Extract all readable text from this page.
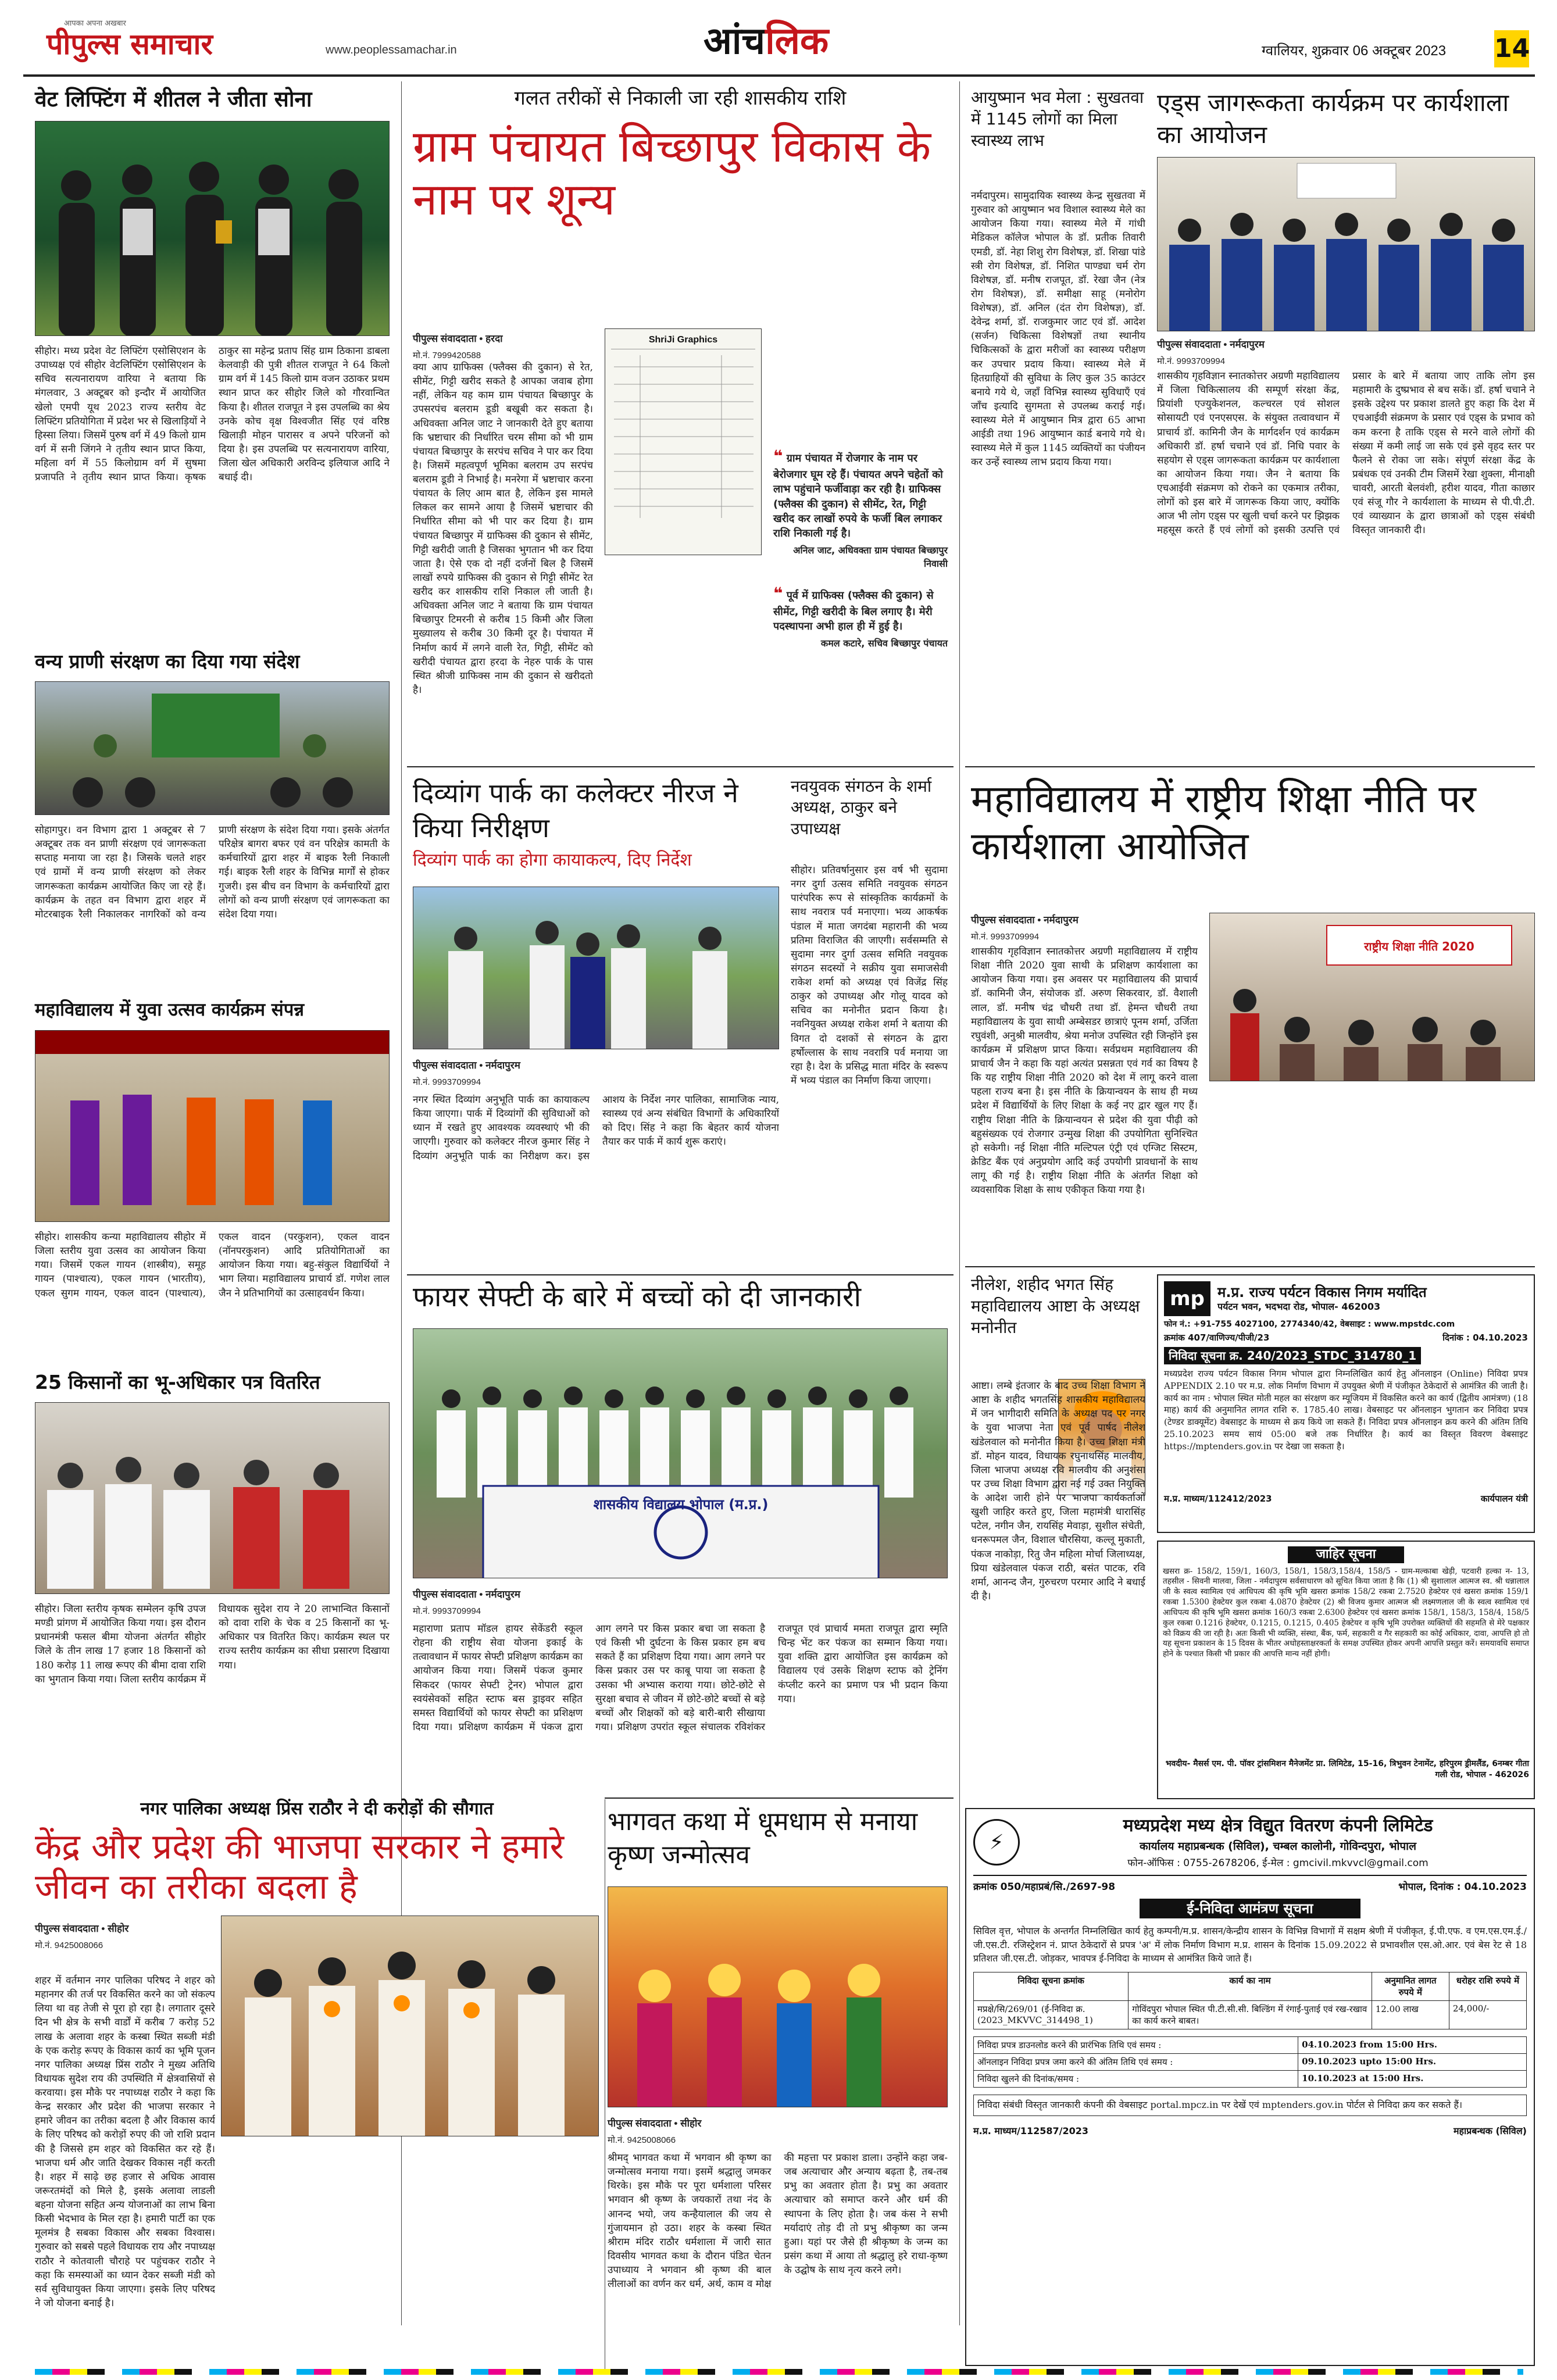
आपका अपना अखबार
पीपुल्स समाचार	www.peoplessamachar.in	आंचलिक	ग्वालियर, शुक्रवार 06 अक्टूबर 2023 14
वेट लिफ्टिंग में शीतल ने जीता सोना
सीहोर। मध्य प्रदेश वेट लिफ्टिंग एसोसिएशन के उपाध्यक्ष एवं सीहोर वेटलिफ्टिंग एसोसिएशन के सचिव सत्यनारायण वारिया ने बताया कि मंगलवार, 3 अक्टूबर को इन्दौर में आयोजित खेलो एमपी यूथ 2023 राज्य स्तरीय वेट लिफ्टिंग प्रतियोगिता में प्रदेश भर से खिलाड़ियों ने हिस्सा लिया। जिसमें पुरुष वर्ग में 49 किलो ग्राम वर्ग में सनी जिंगने ने तृतीय स्थान प्राप्त किया, महिला वर्ग में 55 किलोग्राम वर्ग में सुषमा प्रजापति ने तृतीय स्थान प्राप्त किया। कृषक ठाकुर सा महेन्द्र प्रताप सिंह ग्राम ठिकाना डाबला केलवाड़ी की पुत्री शीतल राजपूत ने 64 किलो ग्राम वर्ग में 145 किलो ग्राम वजन उठाकर प्रथम स्थान प्राप्त कर सीहोर जिले को गौरवान्वित किया है। शीतल राजपूत ने इस उपलब्धि का श्रेय उनके कोच वृक्ष विश्वजीत सिंह एवं वरिष्ठ खिलाड़ी मोहन पारासर व अपने परिजनों को दिया है। इस उपलब्धि पर सत्यनारायण वारिया, जिला खेल अधिकारी अरविन्द इलियाज आदि ने बधाई दी।
वन्य प्राणी संरक्षण का दिया गया संदेश
सोहागपुर। वन विभाग द्वारा 1 अक्टूबर से 7 अक्टूबर तक वन प्राणी संरक्षण एवं जागरूकता सप्ताह मनाया जा रहा है। जिसके चलते शहर एवं ग्रामों में वन्य प्राणी संरक्षण को लेकर जागरूकता कार्यक्रम आयोजित किए जा रहे हैं। कार्यक्रम के तहत वन विभाग द्वारा शहर में मोटरबाइक रैली निकालकर नागरिकों को वन्य प्राणी संरक्षण के संदेश दिया गया। इसके अंतर्गत परिक्षेत्र बागरा बफर एवं वन परिक्षेत्र कामती के कर्मचारियों द्वारा शहर में बाइक रैली निकाली गई। बाइक रैली शहर के विभिन्न मार्गों से होकर गुजरी। इस बीच वन विभाग के कर्मचारियों द्वारा लोगों को वन्य प्राणी संरक्षण एवं जागरूकता का संदेश दिया गया।
महाविद्यालय में युवा उत्सव कार्यक्रम संपन्न
सीहोर। शासकीय कन्या महाविद्यालय सीहोर में जिला स्तरीय युवा उत्सव का आयोजन किया गया। जिसमें एकल गायन (शास्त्रीय), समूह गायन (पाश्चात्य), एकल गायन (भारतीय), एकल सुगम गायन, एकल वादन (पाश्चात्य), एकल वादन (परकुशन), एकल वादन (नॉनपरकुशन) आदि प्रतियोगिताओं का आयोजन किया गया। बहु-संकुल विद्यार्थियों ने भाग लिया। महाविद्यालय प्राचार्य डॉ. गणेश लाल जैन ने प्रतिभागियों का उत्साहवर्धन किया।
25 किसानों का भू-अधिकार पत्र वितरित
सीहोर। जिला स्तरीय कृषक सम्मेलन कृषि उपज मण्डी प्रांगण में आयोजित किया गया। इस दौरान प्रधानमंत्री फसल बीमा योजना अंतर्गत सीहोर जिले के तीन लाख 17 हजार 18 किसानों को 180 करोड़ 11 लाख रूपए की बीमा दावा राशि का भुगतान किया गया। जिला स्तरीय कार्यक्रम में विधायक सुदेश राय ने 20 लाभान्वित किसानों को दावा राशि के चेक व 25 किसानों का भू-अधिकार पत्र वितरित किए। कार्यक्रम स्थल पर राज्य स्तरीय कार्यक्रम का सीधा प्रसारण दिखाया गया।
नगर पालिका अध्यक्ष प्रिंस राठौर ने दी करोड़ों की सौगात
केंद्र और प्रदेश की भाजपा सरकार ने हमारे जीवन का तरीका बदला है
पीपुल्स संवाददाता • सीहोर
मो.नं. 9425008066
शहर में वर्तमान नगर पालिका परिषद ने शहर को महानगर की तर्ज पर विकसित करने का जो संकल्प लिया था वह तेजी से पूरा हो रहा है। लगातार दूसरे दिन भी क्षेत्र के सभी वार्डों में करीब 7 करोड़ 52 लाख के अलावा शहर के कस्बा स्थित सब्जी मंडी के एक करोड़ रूपए के विकास कार्य का भूमि पूजन नगर पालिका अध्यक्ष प्रिंस राठौर ने मुख्य अतिथि विधायक सुदेश राय की उपस्थिति में क्षेत्रवासियों से करवाया। इस मौके पर नपाध्यक्ष राठौर ने कहा कि केन्द्र सरकार और प्रदेश की भाजपा सरकार ने हमारे जीवन का तरीका बदला है और विकास कार्य के लिए परिषद को करोड़ों रुपए की जो राशि प्रदान की है जिससे हम शहर को विकसित कर रहे हैं। भाजपा धर्म और जाति देखकर विकास नहीं करती है। शहर में साढ़े छह हजार से अधिक आवास जरूरतमंदों को मिले है, इसके अलावा लाडली बहना योजना सहित अन्य योजनाओं का लाभ बिना किसी भेदभाव के मिल रहा है। हमारी पार्टी का एक मूलमंत्र है सबका विकास और सबका विश्वास। गुरुवार को सबसे पहले विधायक राय और नपाध्यक्ष राठौर ने कोतवाली चौराहे पर पहुंचकर राठौर ने कहा कि समस्याओं का ध्यान देकर सब्जी मंडी को सर्व सुविधायुक्त किया जाएगा। इसके लिए परिषद ने जो योजना बनाई है।
गलत तरीकों से निकाली जा रही शासकीय राशि
ग्राम पंचायत बिच्छापुर विकास के नाम पर शून्य
पीपुल्स संवाददाता • हरदा
मो.नं. 7999420588
ShriJi Graphics
क्या आप ग्राफिक्स (फ्लैक्स की दुकान) से रेत, सीमेंट, गिट्टी खरीद सकते है आपका जवाब होगा नहीं, लेकिन यह काम ग्राम पंचायत बिच्छापुर के उपसरपंच बलराम डूडी बखूबी कर सकता है। अधिवक्ता अनिल जाट ने जानकारी देते हुए बताया कि भ्रष्टाचार की निर्धारित चरम सीमा को भी ग्राम पंचायत बिच्छापुर के सरपंच सचिव ने पार कर दिया है। जिसमें महत्वपूर्ण भूमिका बलराम उप सरपंच बलराम डूडी ने निभाई है। मनरेगा में भ्रष्टाचार करना पंचायत के लिए आम बात है, लेकिन इस मामले लिकल कर सामने आया है जिसमें भ्रष्टाचार की निर्धारित सीमा को भी पार कर दिया है। ग्राम पंचायत बिच्छापुर में ग्राफिक्स की दुकान से सीमेंट, गिट्टी खरीदी जाती है जिसका भुगतान भी कर दिया जाता है। ऐसे एक दो नहीं दर्जनों बिल है जिसमें लाखों रुपये ग्राफिक्स की दुकान से गिट्टी सीमेंट रेत खरीद कर शासकीय राशि निकाल ली जाती है। अधिवक्ता अनिल जाट ने बताया कि ग्राम पंचायत बिच्छापुर टिमरनी से करीब 15 किमी और जिला मुख्यालय से करीब 30 किमी दूर है। पंचायत में निर्माण कार्य में लगने वाली रेत, गिट्टी, सीमेंट को खरीदी पंचायत द्वारा हरदा के नेहरु पार्क के पास स्थित श्रीजी ग्राफिक्स नाम की दुकान से खरीदतो है।
❝ ग्राम पंचायत में रोजगार के नाम पर बेरोजगार घूम रहे हैं। पंचायत अपने चहेतों को लाभ पहुंचाने फर्जीवाड़ा कर रही है। ग्राफिक्स (फ्लैक्स की दुकान) से सीमेंट, रेत, गिट्टी खरीद कर लाखों रुपये के फर्जी बिल लगाकर राशि निकाली गई है।
अनिल जाट, अधिवक्ता ग्राम पंचायत बिच्छापुर निवासी
❝ पूर्व में ग्राफिक्स (फ्लैक्स की दुकान) से सीमेंट, गिट्टी खरीदी के बिल लगाए है। मेरी पदस्थापना अभी हाल ही में हुई है।
कमल कटारे, सचिव बिच्छापुर पंचायत
दिव्यांग पार्क का कलेक्टर नीरज ने किया निरीक्षण
दिव्यांग पार्क का होगा कायाकल्प, दिए निर्देश
पीपुल्स संवाददाता • नर्मदापुरम
मो.नं. 9993709994
नगर स्थित दिव्यांग अनुभूति पार्क का कायाकल्प किया जाएगा। पार्क में दिव्यांगों की सुविधाओं को ध्यान में रखते हुए आवश्यक व्यवस्थाएं भी की जाएगी। गुरुवार को कलेक्टर नीरज कुमार सिंह ने दिव्यांग अनुभूति पार्क का निरीक्षण कर। इस आशय के निर्देश नगर पालिका, सामाजिक न्याय, स्वास्थ्य एवं अन्य संबंधित विभागों के अधिकारियों को दिए। सिंह ने कहा कि बेहतर कार्य योजना तैयार कर पार्क में कार्य शुरू कराएं।
नवयुवक संगठन के शर्मा अध्यक्ष, ठाकुर बने उपाध्यक्ष
सीहोर। प्रतिवर्षानुसार इस वर्ष भी सुदामा नगर दुर्गा उत्सव समिति नवयुवक संगठन पारंपरिक रूप से सांस्कृतिक कार्यक्रमों के साथ नवरात्र पर्व मनाएगा। भव्य आकर्षक पंडाल में माता जगदंबा महारानी की भव्य प्रतिमा विराजित की जाएगी। सर्वसम्मति से सुदामा नगर दुर्गा उत्सव समिति नवयुवक संगठन सदस्यों ने सक्रीय युवा समाजसेवी राकेश शर्मा को अध्यक्ष एवं विजेंद्र सिंह ठाकुर को उपाध्यक्ष और गोलू यादव को सचिव का मनोनीत प्रदान किया है। नवनियुक्त अध्यक्ष राकेश शर्मा ने बताया की विगत दो दशकों से संगठन के द्वारा हर्षोल्लास के साथ नवरात्रि पर्व मनाया जा रहा है। देश के प्रसिद्ध माता मंदिर के स्वरूप में भव्य पंडाल का निर्माण किया जाएगा।
फायर सेफ्टी के बारे में बच्चों को दी जानकारी
शासकीय विद्यालय भोपाल (म.प्र.)
पीपुल्स संवाददाता • नर्मदापुरम
मो.नं. 9993709994
महाराणा प्रताप मॉडल हायर सेकेंडरी स्कूल रोहना की राष्ट्रीय सेवा योजना इकाई के तत्वावधान में फायर सेफ्टी प्रशिक्षण कार्यक्रम का आयोजन किया गया। जिसमें पंकज कुमार सिकदर (फायर सेफ्टी ट्रेनर) भोपाल द्वारा स्वयंसेवकों सहित स्टाफ बस ड्राइवर सहित समस्त विद्यार्थियों को फायर सेफ्टी का प्रशिक्षण दिया गया। प्रशिक्षण कार्यक्रम में पंकज द्वारा आग लगने पर किस प्रकार बचा जा सकता है एवं किसी भी दुर्घटना के किस प्रकार हम बच सकते हैं का प्रशिक्षण दिया गया। आग लगने पर किस प्रकार उस पर काबू पाया जा सकता है उसका भी अभ्यास कराया गया। छोटे-छोटे से सुरक्षा बचाव से जीवन में छोटे-छोटे बच्चों से बड़े बच्चों और शिक्षकों को बड़े बारी-बारी सीखाया गया। प्रशिक्षण उपरांत स्कूल संचालक रविशंकर राजपूत एवं प्राचार्य ममता राजपूत द्वारा स्मृति चिन्ह भेंट कर पंकज का सम्मान किया गया। युवा शक्ति द्वारा आयोजित इस कार्यक्रम को विद्यालय एवं उसके शिक्षण स्टाफ को ट्रेनिंग कंप्लीट करने का प्रमाण पत्र भी प्रदान किया गया।
भागवत कथा में धूमधाम से मनाया कृष्ण जन्मोत्सव
पीपुल्स संवाददाता • सीहोर
मो.नं. 9425008066
श्रीमद् भागवत कथा में भगवान श्री कृष्ण का जन्मोत्सव मनाया गया। इसमें श्रद्धालु जमकर थिरके। इस मौके पर पूरा धर्मशाला परिसर भगवान श्री कृष्ण के जयकारों तथा नंद के आनन्द भयो, जय कन्हैयालाल की जय से गुंजायमान हो उठा। शहर के कस्बा स्थित श्रीराम मंदिर राठौर धर्मशाला में जारी सात दिवसीय भागवत कथा के दौरान पंडित चेतन उपाध्याय ने भगवान श्री कृष्ण की बाल लीलाओं का वर्णन कर धर्म, अर्थ, काम व मोक्ष की महत्ता पर प्रकाश डाला। उन्होंने कहा जब-जब अत्याचार और अन्याय बढ़ता है, तब-तब प्रभु का अवतार होता है। प्रभु का अवतार अत्याचार को समाप्त करने और धर्म की स्थापना के लिए होता है। जब कंस ने सभी मर्यादाएं तोड़ दी तो प्रभु श्रीकृष्ण का जन्म हुआ। यहां पर जैसे ही श्रीकृष्ण के जन्म का प्रसंग कथा में आया तो श्रद्धालु हरे राधा-कृष्ण के उद्घोष के साथ नृत्य करने लगे।
आयुष्मान भव मेला : सुखतवा में 1145 लोगों का मिला स्वास्थ्य लाभ
नर्मदापुरम। सामुदायिक स्वास्थ्य केन्द्र सुखतवा में गुरुवार को आयुष्मान भव विशाल स्वास्थ्य मेले का आयोजन किया गया। स्वास्थ्य मेले में गांधी मेडिकल कॉलेज भोपाल के डॉ. प्रतीक तिवारी एमडी, डॉ. नेहा शिशु रोग विशेषज्ञ, डॉ. शिखा पांडे स्त्री रोग विशेषज्ञ, डॉ. निशित पाण्ड्या चर्म रोग विशेषज्ञ, डॉ. मनीष राजपूत, डॉ. रेखा जैन (नेत्र रोग विशेषज्ञ), डॉ. समीक्षा साहू (मनोरोग विशेषज्ञ), डॉ. अनिल (दंत रोग विशेषज्ञ), डॉ. देवेन्द्र शर्मा, डॉ. राजकुमार जाट एवं डॉ. आदेश (सर्जन) चिकित्सा विशेषज्ञों तथा स्थानीय चिकित्सकों के द्वारा मरीजों का स्वास्थ्य परीक्षण कर उपचार प्रदाय किया। स्वास्थ्य मेले में हितग्राहियों की सुविधा के लिए कुल 35 काउंटर बनाये गये थे, जहाँ विभिन्न स्वास्थ्य सुविधाएँ एवं जाँच इत्यादि सुगमता से उपलब्ध कराई गई। स्वास्थ्य मेले में आयुष्मान मित्र द्वारा 65 आभा आईडी तथा 196 आयुष्मान कार्ड बनाये गये थे। स्वास्थ्य मेले में कुल 1145 व्यक्तियों का पंजीयन कर उन्हें स्वास्थ्य लाभ प्रदाय किया गया।
एड्स जागरूकता कार्यक्रम पर कार्यशाला का आयोजन
पीपुल्स संवाददाता • नर्मदापुरम
मो.नं. 9993709994
शासकीय गृहविज्ञान स्नातकोत्तर अग्रणी महाविद्यालय में जिला चिकित्सालय की सम्पूर्ण संरक्षा केंद्र, प्रियांशी एज्युकेशनल, कल्चरल एवं सोशल सोसायटी एवं एनएसएस. के संयुक्त तत्वावधान में प्राचार्य डॉ. कामिनी जैन के मार्गदर्शन एवं कार्यक्रम अधिकारी डॉ. हर्षा चचाने एवं डॉ. निधि पवार के सहयोग से एड्स जागरूकता कार्यक्रम पर कार्यशाला का आयोजन किया गया। जैन ने बताया कि एचआईवी संक्रमण को रोकने का एकमात्र तरीका, लोगों को इस बारे में जागरूक किया जाए, क्योंकि आज भी लोग एड्स पर खुली चर्चा करने पर झिझक महसूस करते हैं एवं लोगों को इसकी उत्पत्ति एवं प्रसार के बारे में बताया जाए ताकि लोग इस महामारी के दुष्प्रभाव से बच सकें। डॉ. हर्षा चचाने ने इसके उद्देश्य पर प्रकाश डालते हुए कहा कि देश में एचआईवी संक्रमण के प्रसार एवं एड्स के प्रभाव को कम करना है ताकि एड्स से मरने वाले लोगों की संख्या में कमी लाई जा सके एवं इसे वृहद स्तर पर फैलने से रोका जा सके। संपूर्ण संरक्षा केंद्र के प्रबंधक एवं उनकी टीम जिसमें रेखा शुक्ला, मीनाक्षी चावरी, आरती बेलवंशी, हरीश यादव, गीता काछार एवं संजू गौर ने कार्यशाला के माध्यम से पी.पी.टी. एवं व्याख्यान के द्वारा छात्राओं को एड्स संबंधी विस्तृत जानकारी दी।
महाविद्यालय में राष्ट्रीय शिक्षा नीति पर कार्यशाला आयोजित
पीपुल्स संवाददाता • नर्मदापुरम
मो.नं. 9993709994
राष्ट्रीय शिक्षा नीति 2020
शासकीय गृहविज्ञान स्नातकोत्तर अग्रणी महाविद्यालय में राष्ट्रीय शिक्षा नीति 2020 युवा साथी के प्रशिक्षण कार्यशाला का आयोजन किया गया। इस अवसर पर महाविद्यालय की प्राचार्य डॉ. कामिनी जैन, संयोजक डॉ. अरुण सिकरवार, डॉ. वैशाली लाल, डॉ. मनीष चंद्र चौधरी तथा डॉ. हेमन्त चौधरी तथा महाविद्यालय के युवा साथी अम्बेसडर छात्राएं पूनम शर्मा, उर्जिता रघुवंशी, अनुश्री मालवीय, श्रेया मनोज उपस्थित रही जिन्होंने इस कार्यक्रम में प्रशिक्षण प्राप्त किया। सर्वप्रथम महाविद्यालय की प्राचार्य जैन ने कहा कि यहां अत्यंत प्रसन्नता एवं गर्व का विषय है कि यह राष्ट्रीय शिक्षा नीति 2020 को देश में लागू करने वाला पहला राज्य बना है। इस नीति के क्रियान्वयन के साथ ही मध्य प्रदेश में विद्यार्थियों के लिए शिक्षा के कई नए द्वार खुल गए हैं। राष्ट्रीय शिक्षा नीति के क्रियान्वयन से प्रदेश की युवा पीढ़ी को बहुसंख्यक एवं रोजगार उन्मुख शिक्षा की उपयोगिता सुनिश्चित हो सकेगी। नई शिक्षा नीति मल्टिपल एंट्री एवं एग्जिट सिस्टम, क्रेडिट बैंक एवं अनुप्रयोग आदि कई उपयोगी प्रावधानों के साथ लागू की गई है। राष्ट्रीय शिक्षा नीति के अंतर्गत शिक्षा को व्यवसायिक शिक्षा के साथ एकीकृत किया गया है।
नीलेश, शहीद भगत सिंह महाविद्यालय आष्टा के अध्यक्ष मनोनीत
आष्टा। लम्बे इंतजार के बाद उच्च शिक्षा विभाग ने आष्टा के शहीद भगतसिंह शासकीय महाविद्यालय में जन भागीदारी समिति के अध्यक्ष पद पर नगर के युवा भाजपा नेता एवं पूर्व पार्षद नीलेश खंडेलवाल को मनोनीत किया है। उच्च शिक्षा मंत्री डॉ. मोहन यादव, विधायक रघुनाथसिंह मालवीय, जिला भाजपा अध्यक्ष रवि मालवीय की अनुशंसा पर उच्च शिक्षा विभाग द्वारा नई गई उक्त नियुक्ति के आदेश जारी होने पर भाजपा कार्यकर्ताओं खुशी जाहिर करते हुए, जिला महामंत्री धारासिंह पटेल, नगीन जैन, रायसिंह मेवाड़ा, सुशील संचेती, धनरूपमल जैन, विशाल चौरसिया, कल्लू मुकाती, पंकज नाकोड़ा, रितु जैन महिला मोर्चा जिलाध्यक्ष, प्रिया खंडेलवाल पंकज राठी, बसंत पाटक, रवि शर्मा, आनन्द जैन, गुरुचरण परमार आदि ने बधाई दी है।
mp म.प्र. राज्य पर्यटन विकास निगम मर्यादित
पर्यटन भवन, भदभदा रोड, भोपाल- 462003
फोन नं.: +91-755 4027100, 2774340/42, वेबसाइट : www.mpstdc.com
क्रमांक 407/वाणिज्य/पीजी/23	दिनांक : 04.10.2023
निविदा सूचना क्र. 240/2023_STDC_314780_1
मध्यप्रदेश राज्य पर्यटन विकास निगम भोपाल द्वारा निम्नलिखित कार्य हेतु ऑनलाइन (Online) निविदा प्रपत्र APPENDIX 2.10 पर म.प्र. लोक निर्माण विभाग में उपयुक्त श्रेणी में पंजीकृत ठेकेदारों से आमंत्रित की जाती है। कार्य का नाम : भोपाल स्थित मोती महल का संरक्षण कर म्यूजियम में विकसित करने का कार्य (द्वितीय आमंत्रण) (18 माह) कार्य की अनुमानित लागत राशि रु. 1785.40 लाख। वेबसाइट पर ऑनलाइन भुगतान कर निविदा प्रपत्र (टेण्डर डाक्यूमेंट) वेबसाइट के माध्यम से क्रय किये जा सकते हैं। निविदा प्रपत्र ऑनलाइन क्रय करने की अंतिम तिथि 25.10.2023 समय सायं 05:00 बजे तक निर्धारित है। कार्य का विस्तृत विवरण वेबसाइट https://mptenders.gov.in पर देखा जा सकता है।
म.प्र. माध्यम/112412/2023	कार्यपालन यंत्री
जाहिर सूचना
खसरा क्र- 158/2, 159/1, 160/3, 158/1, 158/3,158/4, 158/5 - ग्राम-मल्काबा खेड़ी, पटवारी हल्का न- 13, तहसील - सिवनी मालवा, जिला - नर्मदापुरम सर्वसाधारण को सूचित किया जाता है कि (1) श्री सुशालाल आत्मज स्व. श्री धन्नालाल जी के स्वत्व स्वामित्व एवं आधिपत्य की कृषि भूमि खसरा क्रमांक 158/2 रकबा 2.7520 हेक्टेयर एवं खसरा क्रमांक 159/1 रकबा 1.5300 हेक्टेयर कुल रकबा 4.0870 हेक्टेयर (2) श्री विजय कुमार आत्मज श्री लक्ष्मणलाल जी के स्वत्व स्वामित्व एवं आधिपत्य की कृषि भूमि खसरा क्रमांक 160/3 रकबा 2.6300 हेक्टेयर एवं खसरा क्रमांक 158/1, 158/3, 158/4, 158/5 कुल रकबा 0.1216 हेक्टेयर, 0.1215, 0.1215, 0.405 हेक्टेयर व कृषि भूमि उपरोक्त व्यक्तियों की सहमति से मेरे पक्षकार को विक्रय की जा रही है। अतः किसी भी व्यक्ति, संस्था, बैंक, फर्म, सहकारी व गैर सहकारी का कोई अधिकार, दावा, आपत्ति हो तो यह सूचना प्रकाशन के 15 दिवस के भीतर अधोहस्ताक्षरकर्ता के समक्ष उपस्थित होकर अपनी आपत्ति प्रस्तुत करें। समयावधि समाप्त होने के पश्चात किसी भी प्रकार की आपत्ति मान्य नहीं होगी।
भवदीय- मैसर्स एम. पी. पॉवर ट्रांसमिशन मैनेजमेंट प्रा. लिमिटेड, 15-16, त्रिभुवन टेनामेंट, हरिपुरम ड्रीमलैंड, 6नम्बर गीता गली रोड, भोपाल - 462026
⚡
मध्यप्रदेश मध्य क्षेत्र विद्युत वितरण कंपनी लिमिटेड
कार्यालय महाप्रबन्धक (सिविल), चम्बल कालोनी, गोविन्दपुरा, भोपाल
फोन-ऑफिस : 0755-2678206, ई-मेल : gmcivil.mkvvcl@gmail.com
क्रमांक 050/महाप्रबं/सि./2697-98	भोपाल, दिनांक : 04.10.2023
ई-निविदा आमंत्रण सूचना
सिविल वृत्त, भोपाल के अन्तर्गत निम्नलिखित कार्य हेतु कम्पनी/म.प्र. शासन/केन्द्रीय शासन के विभिन्न विभागों में सक्षम श्रेणी में पंजीकृत, ई.पी.एफ. व एम.एस.एम.ई./जी.एस.टी. रजिस्ट्रेशन नं. प्राप्त ठेकेदारों से प्रपत्र 'अ' में लोक निर्माण विभाग म.प्र. शासन के दिनांक 15.09.2022 से प्रभावशील एस.ओ.आर. एवं बेस रेट से 18 प्रतिशत जी.एस.टी. जोड़कर, भावपत्र ई-निविदा के माध्यम से आमंत्रित किये जाते हैं।
निविदा सूचना क्रमांक	कार्य का नाम	अनुमानित लागत रुपये में	धरोहर राशि रुपये में
मप्रक्षे/सि/269/01 (ई-निविदा क्र. (2023_MKVVC_314498_1)	गोविंदपुरा भोपाल स्थित पी.टी.सी.सी. बिल्डिंग में रंगाई-पुताई एवं रख-रखाव का कार्य करने बाबत।	12.00 लाख	24,000/-
निविदा प्रपत्र डाउनलोड करने की प्रारंभिक तिथि एवं समय :	04.10.2023 from 15:00 Hrs.
ऑनलाइन निविदा प्रपत्र जमा करने की अंतिम तिथि एवं समय :	09.10.2023 upto 15:00 Hrs.
निविदा खुलने की दिनांक/समय :	10.10.2023 at 15:00 Hrs.
निविदा संबंधी विस्तृत जानकारी कंपनी की वेबसाइट portal.mpcz.in पर देखें एवं mptenders.gov.in पोर्टल से निविदा क्रय कर सकते हैं।
म.प्र. माध्यम/112587/2023	महाप्रबन्धक (सिविल)
